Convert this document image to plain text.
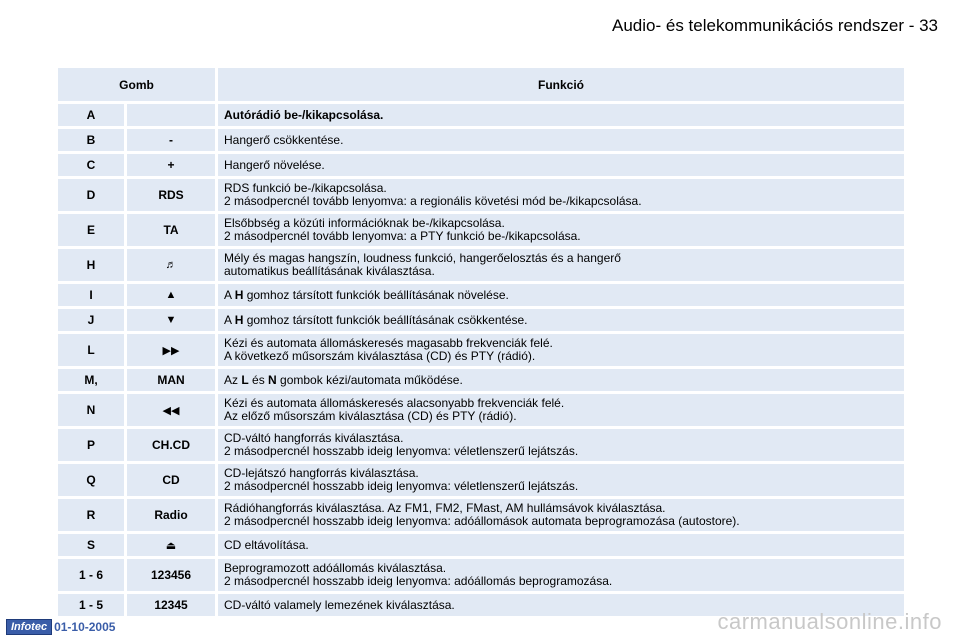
Audio- és telekommunikációs rendszer - 33
Gomb	Funkció
A	Autórádió be-/kikapcsolása.
B	-	Hangerő csökkentése.
C	+	Hangerő növelése.
D	RDS	RDS funkció be-/kikapcsolása.
2 másodpercnél tovább lenyomva: a regionális követési mód be-/kikapcsolása.
E	TA	Elsőbbség a közúti információknak be-/kikapcsolása.
2 másodpercnél tovább lenyomva: a PTY funkció be-/kikapcsolása.
H	♬	Mély és magas hangszín, loudness funkció, hangerőelosztás és a hangerő
automatikus beállításának kiválasztása.
I	▲	A H gomhoz társított funkciók beállításának növelése.
J	▼	A H gomhoz társított funkciók beállításának csökkentése.
L	▶▶
Kézi és automata állomáskeresés magasabb frekvenciák felé.
A következő műsorszám kiválasztása (CD) és PTY (rádió).
M,	MAN	Az L és N gombok kézi/automata működése.
N	◀◀
Kézi és automata állomáskeresés alacsonyabb frekvenciák felé.
Az előző műsorszám kiválasztása (CD) és PTY (rádió).
P	CH.CD	CD-váltó hangforrás kiválasztása.
2 másodpercnél hosszabb ideig lenyomva: véletlenszerű lejátszás.
Q	CD	CD-lejátszó hangforrás kiválasztása.
2 másodpercnél hosszabb ideig lenyomva: véletlenszerű lejátszás.
R	Radio	Rádióhangforrás kiválasztása. Az FM1, FM2, FMast, AM hullámsávok kiválasztása.
2 másodpercnél hosszabb ideig lenyomva: adóállomások automata beprogramozása (autostore).
S	⏏	CD eltávolítása.
1 - 6	123456	Beprogramozott adóállomás kiválasztása.
2 másodpercnél hosszabb ideig lenyomva: adóállomás beprogramozása.
1 - 5	12345	CD-váltó valamely lemezének kiválasztása.
Infotec 01-10-2005	carmanualsonline.info
